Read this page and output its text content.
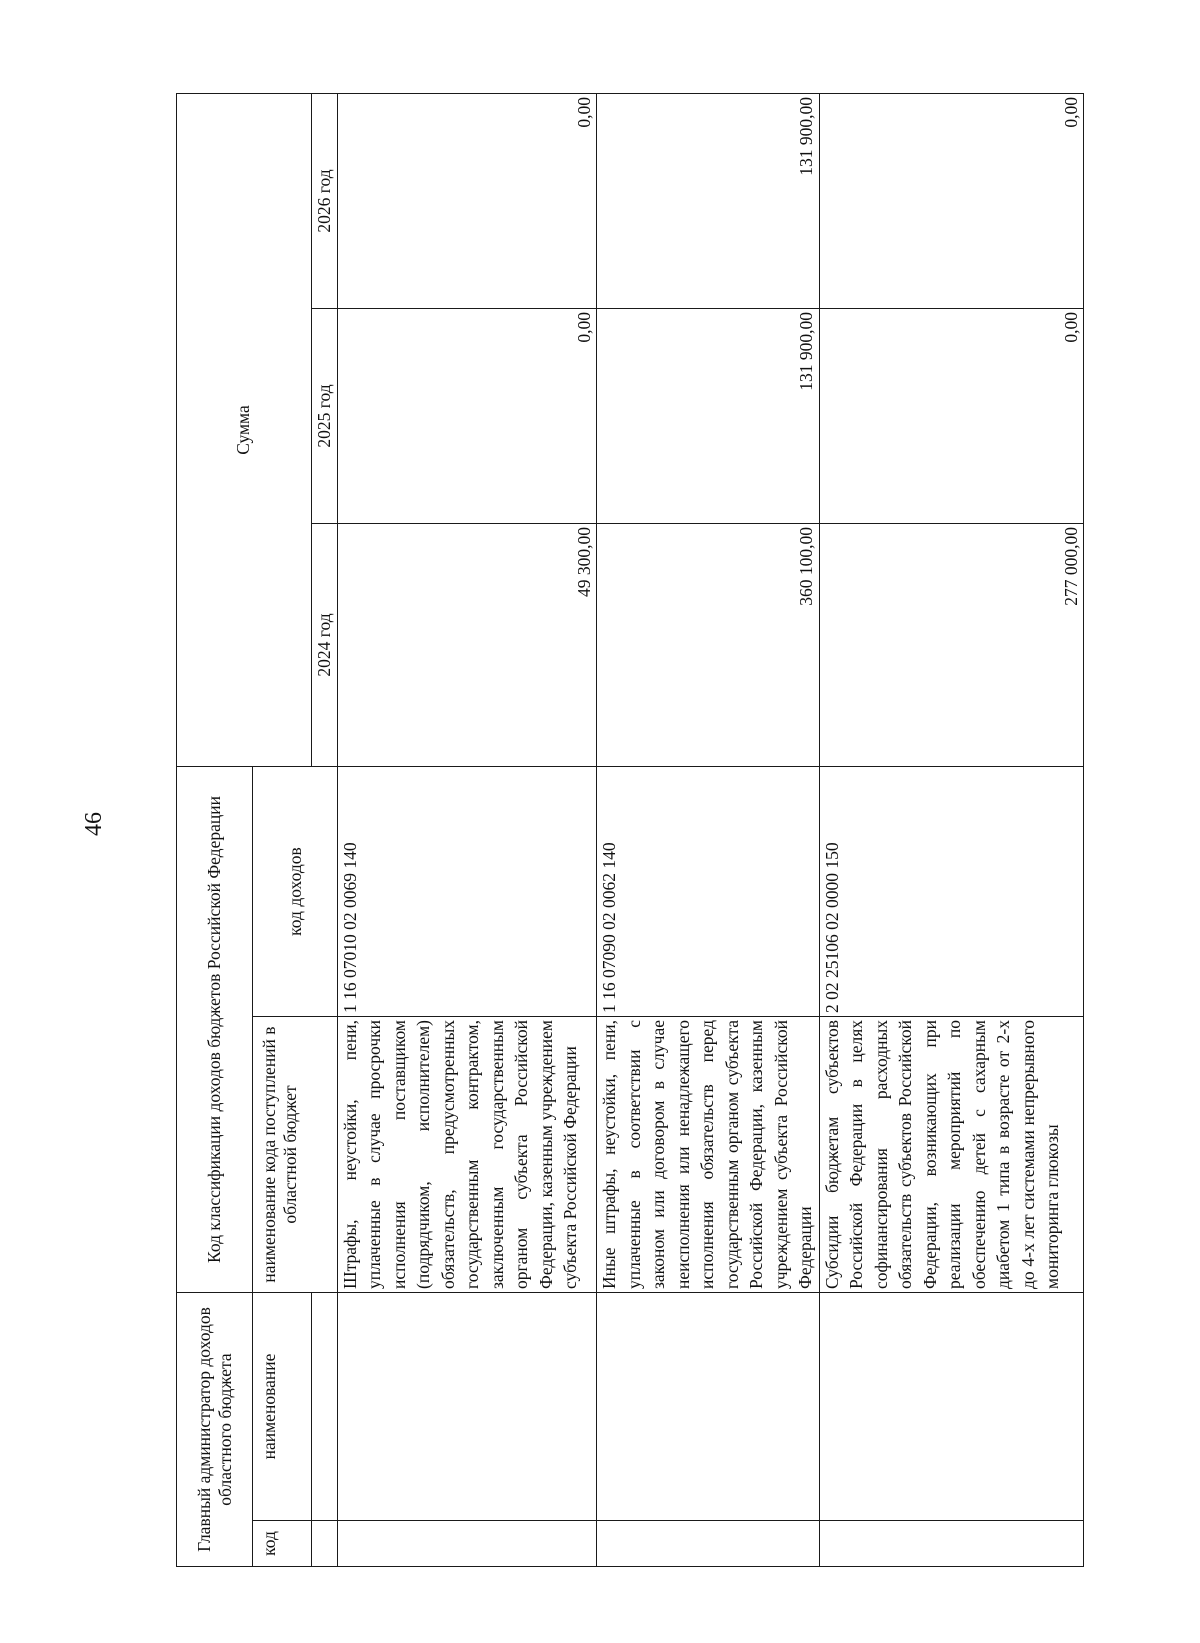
46
Главный администратор доходов областного бюджета		Код классификации доходов бюджетов Российской Федерации		Сумма		
код	наименование	наименование кода поступлений в областной бюджет	код доходов			
				2024 год	2025 год	2026 год
		Штрафы, неустойки, пени, уплаченные в случае просрочки исполнения поставщиком (подрядчиком, исполнителем) обязательств, предусмотренных государственным контрактом, заключенным государственным органом субъекта Российской Федерации, казенным учреждением субъекта Российской Федерации	1 16 07010 02 0069 140	49 300,00	0,00	0,00
		Иные штрафы, неустойки, пени, уплаченные в соответствии с законом или договором в случае неисполнения или ненадлежащего исполнения обязательств перед государственным органом субъекта Российской Федерации, казенным учреждением субъекта Российской Федерации	1 16 07090 02 0062 140	360 100,00	131 900,00	131 900,00
		Субсидии бюджетам субъектов Российской Федерации в целях софинансирования расходных обязательств субъектов Российской Федерации, возникающих при реализации мероприятий по обеспечению детей с сахарным диабетом 1 типа в возрасте от 2-х до 4-х лет системами непрерывного мониторинга глюкозы	2 02 25106 02 0000 150	277 000,00	0,00	0,00
